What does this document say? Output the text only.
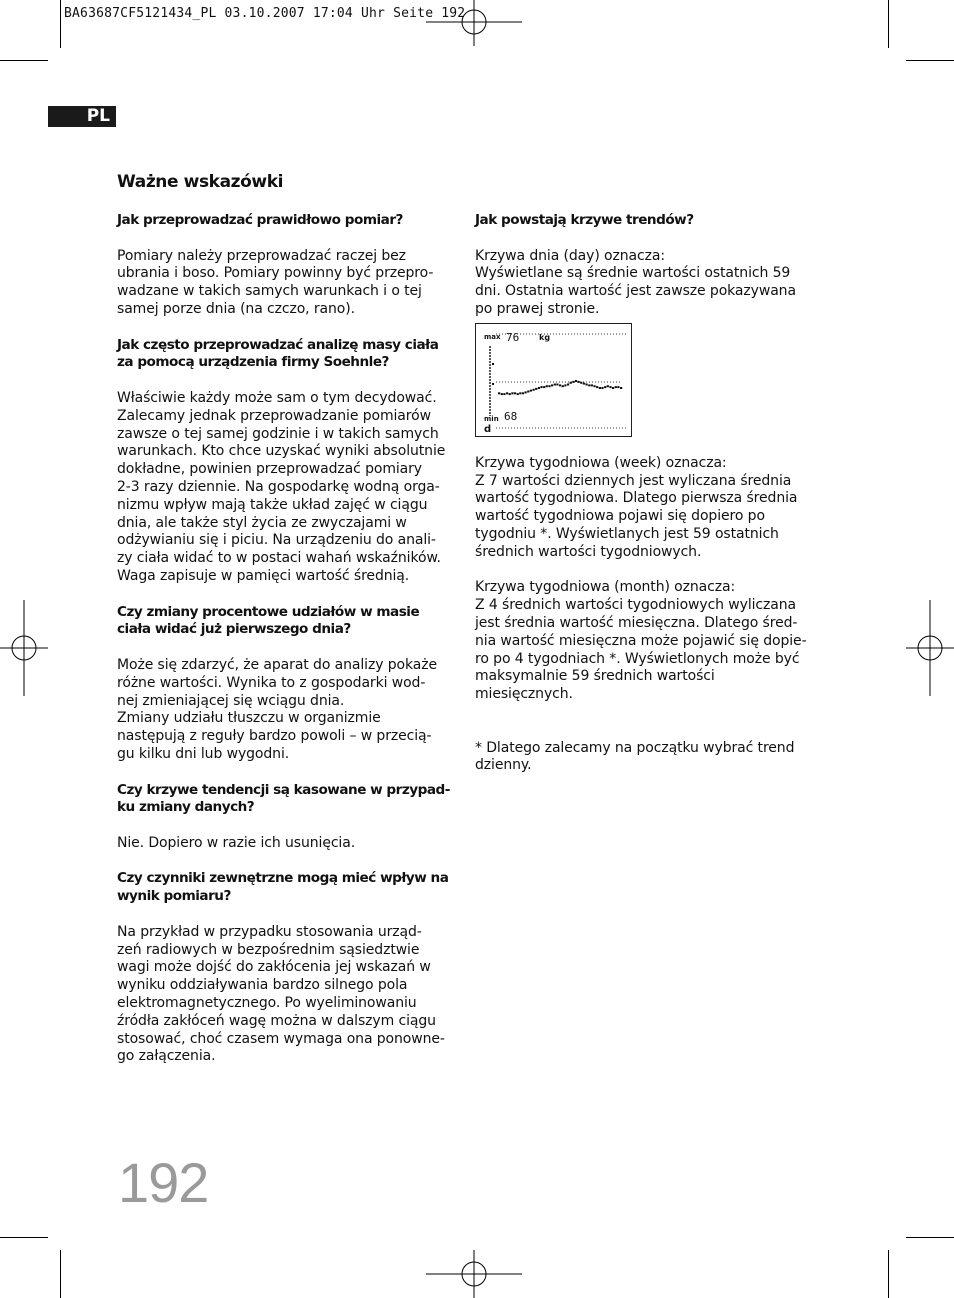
BA63687CF5121434_PL 03.10.2007 17:04 Uhr Seite 192
PL
Ważne wskazówki

Jak przeprowadzać prawidłowo pomiar?

Pomiary należy przeprowadzać raczej bez
ubrania i boso. Pomiary powinny być przepro-
wadzane w takich samych warunkach i o tej
samej porze dnia (na czczo, rano).

Jak często przeprowadzać analizę masy ciała
za pomocą urządzenia firmy Soehnle?

Właściwie każdy może sam o tym decydować.
Zalecamy jednak przeprowadzanie pomiarów
zawsze o tej samej godzinie i w takich samych
warunkach. Kto chce uzyskać wyniki absolutnie
dokładne, powinien przeprowadzać pomiary
2-3 razy dziennie. Na gospodarkę wodną orga-
nizmu wpływ mają także układ zajęć w ciągu
dnia, ale także styl życia ze zwyczajami w
odżywianiu się i piciu. Na urządzeniu do anali-
zy ciała widać to w postaci wahań wskaźników.
Waga zapisuje w pamięci wartość średnią.

Czy zmiany procentowe udziałów w masie
ciała widać już pierwszego dnia?

Może się zdarzyć, że aparat do analizy pokaże
różne wartości. Wynika to z gospodarki wod-
nej zmieniającej się wciągu dnia.
Zmiany udziału tłuszczu w organizmie
następują z reguły bardzo powoli – w przecią-
gu kilku dni lub wygodni.

Czy krzywe tendencji są kasowane w przypad-
ku zmiany danych?

Nie. Dopiero w razie ich usunięcia.

Czy czynniki zewnętrzne mogą mieć wpływ na
wynik pomiaru?

Na przykład w przypadku stosowania urząd-
zeń radiowych w bezpośrednim sąsiedztwie
wagi może dojść do zakłócenia jej wskazań w
wyniku oddziaływania bardzo silnego pola
elektromagnetycznego. Po wyeliminowaniu
źródła zakłóceń wagę można w dalszym ciągu
stosować, choć czasem wymaga ona ponowne-
go załączenia.

Jak powstają krzywe trendów?

Krzywa dnia (day) oznacza:
Wyświetlane są średnie wartości ostatnich 59
dni. Ostatnia wartość jest zawsze pokazywana
po prawej stronie.

max 76 kg
min 68
d

Krzywa tygodniowa (week) oznacza:
Z 7 wartości dziennych jest wyliczana średnia
wartość tygodniowa. Dlatego pierwsza średnia
wartość tygodniowa pojawi się dopiero po
tygodniu *. Wyświetlanych jest 59 ostatnich
średnich wartości tygodniowych.

Krzywa tygodniowa (month) oznacza:
Z 4 średnich wartości tygodniowych wyliczana
jest średnia wartość miesięczna. Dlatego śred-
nia wartość miesięczna może pojawić się dopie-
ro po 4 tygodniach *. Wyświetlonych może być
maksymalnie 59 średnich wartości
miesięcznych.

* Dlatego zalecamy na początku wybrać trend
dzienny.

192
